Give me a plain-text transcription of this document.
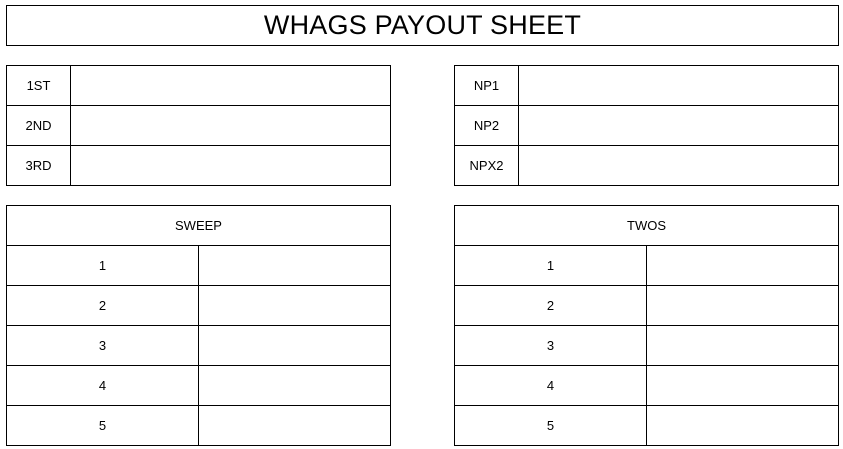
WHAGS PAYOUT SHEET
1ST	
2ND	
3RD	
NP1	
NP2	
NPX2	
SWEEP	
1	
2	
3	
4	
5	
TWOS	
1	
2	
3	
4	
5	
